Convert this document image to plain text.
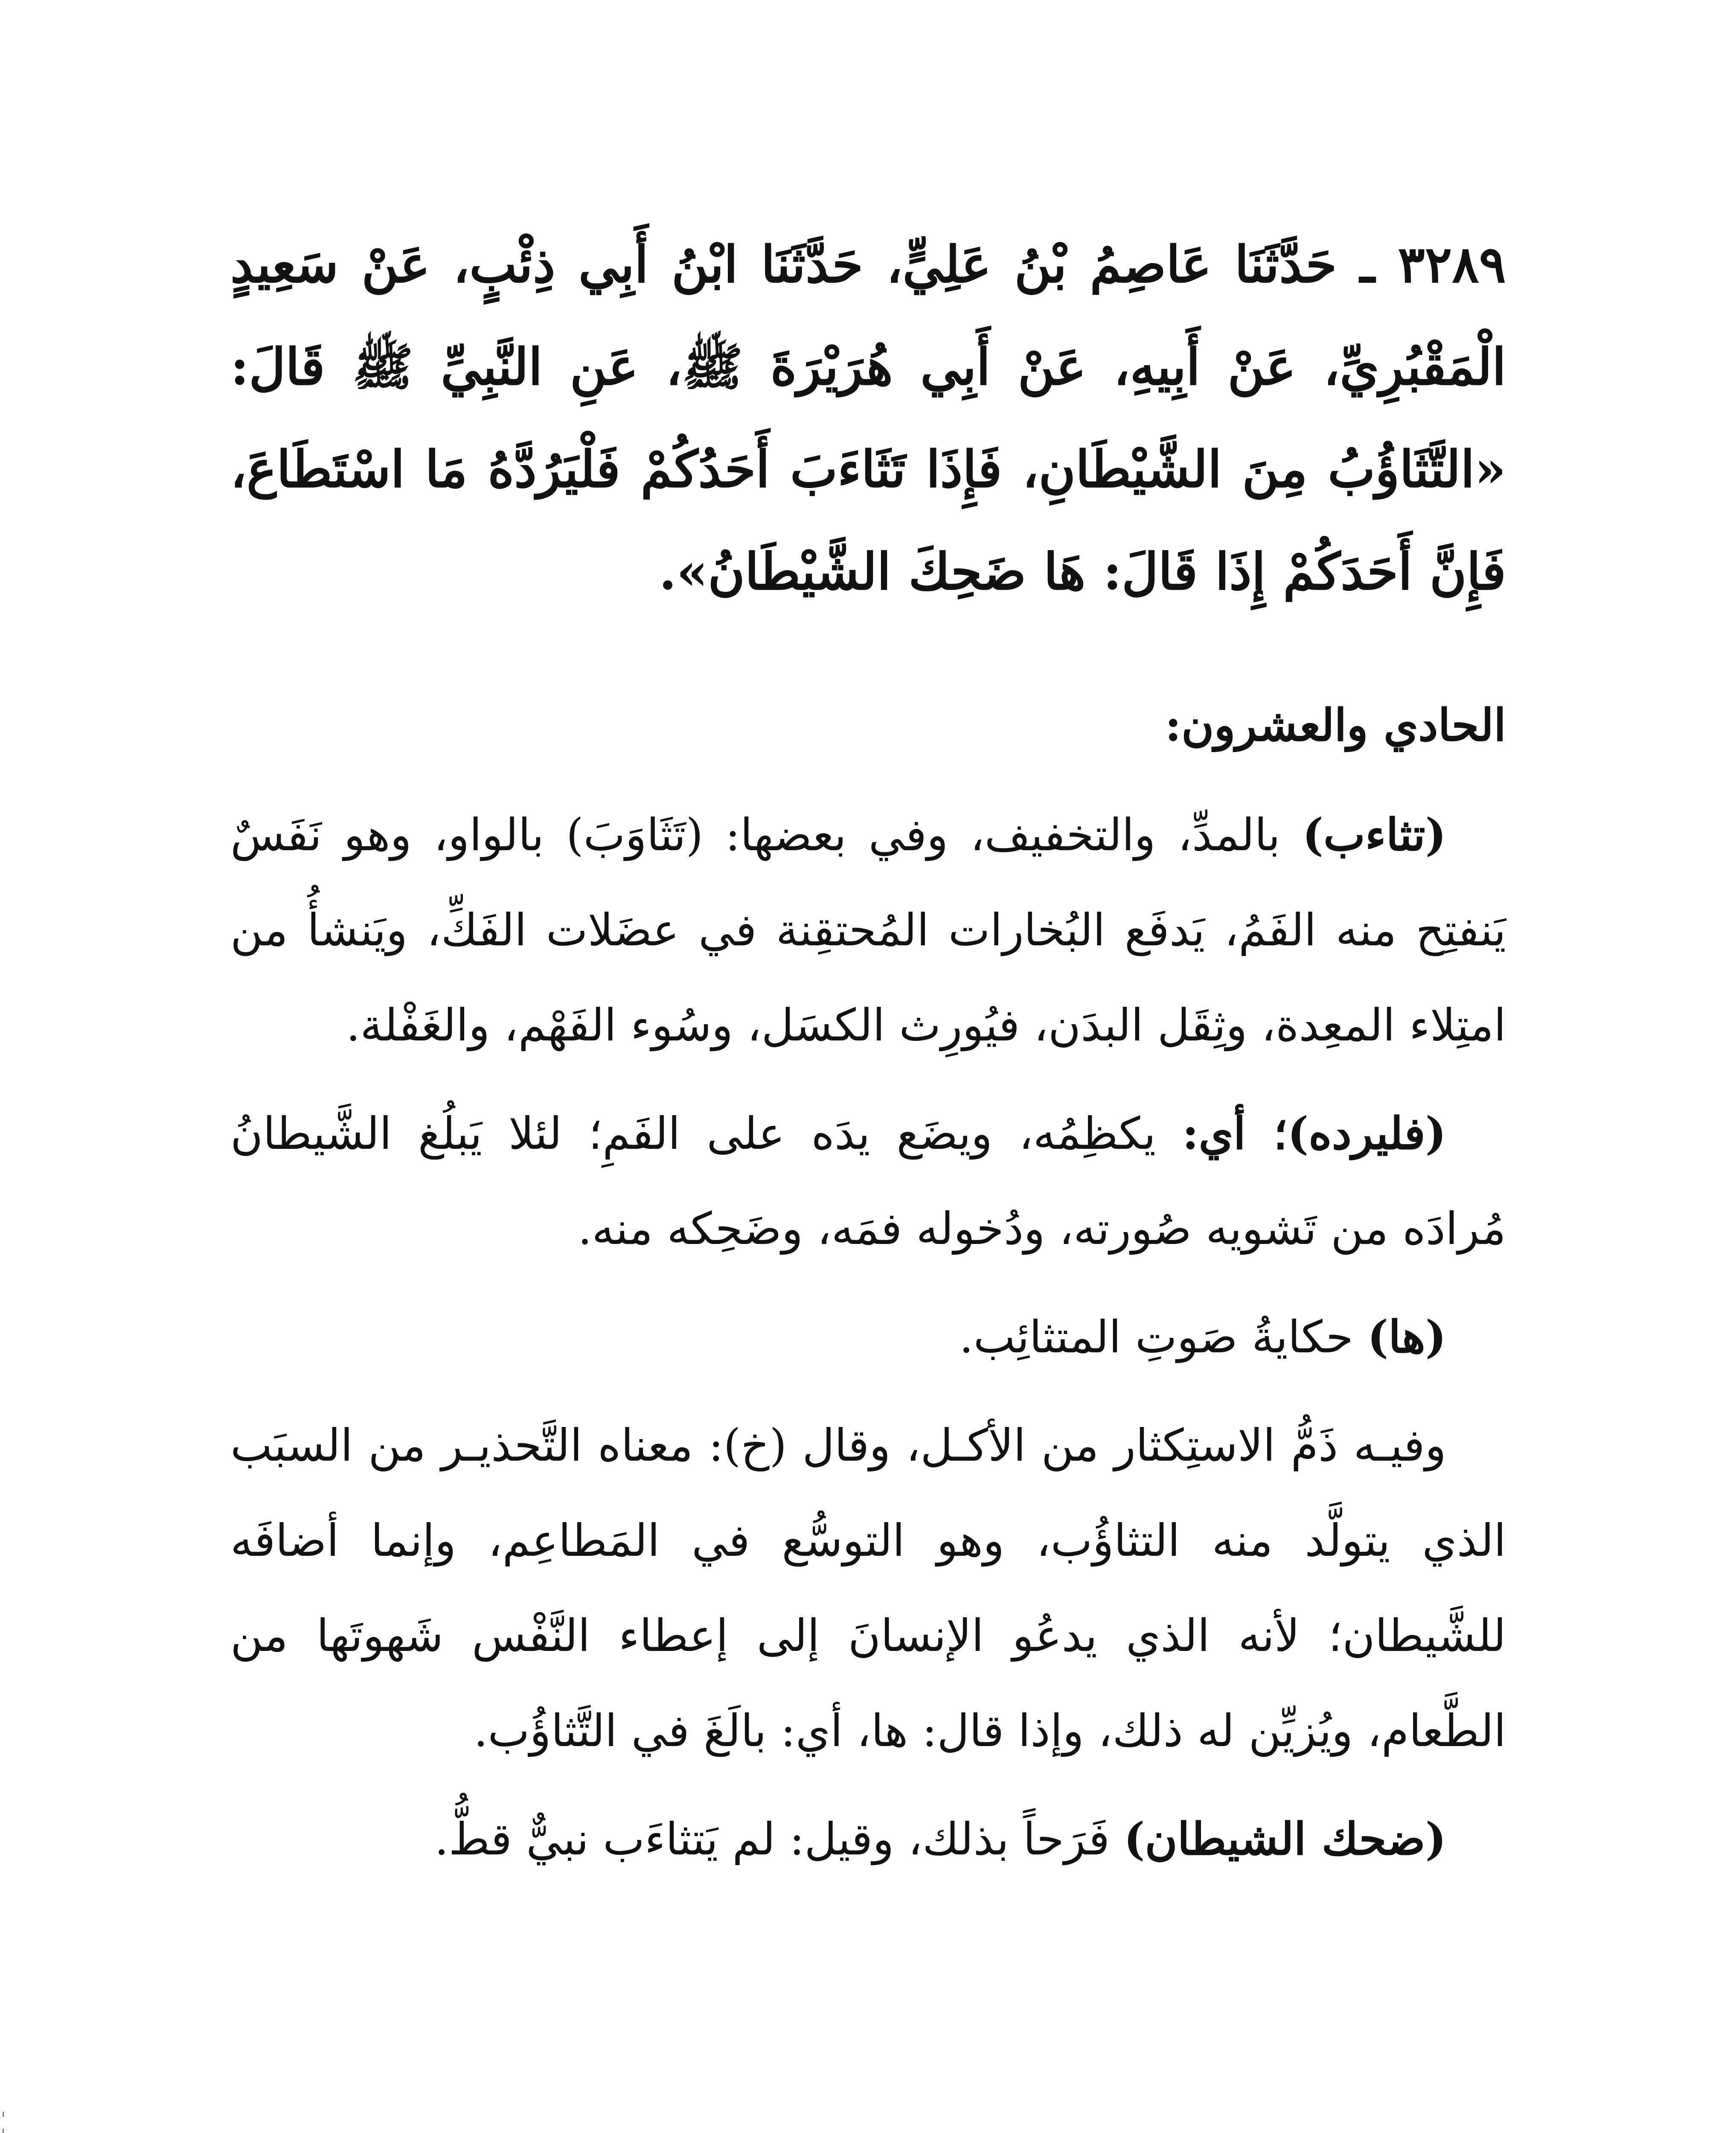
٣٢٨٩ ـ حَدَّثَنَا عَاصِمُ بْنُ عَلِيٍّ، حَدَّثَنَا ابْنُ أَبِي ذِئْبٍ، عَنْ سَعِيدٍ الْمَقْبُرِيِّ، عَنْ أَبِيهِ، عَنْ أَبِي هُرَيْرَةَ ﷺ، عَنِ النَّبِيِّ ﷺ قَالَ: «التَّثَاؤُبُ مِنَ الشَّيْطَانِ، فَإِذَا تَثَاءَبَ أَحَدُكُمْ فَلْيَرُدَّهُ مَا اسْتَطَاعَ، فَإِنَّ أَحَدَكُمْ إِذَا قَالَ: هَا ضَحِكَ الشَّيْطَانُ».
الحادي والعشرون:

(تثاءب) بالمدِّ، والتخفيف، وفي بعضها: (تَثَاوَبَ) بالواو، وهو نَفَسٌ يَنفتِح منه الفَمُ، يَدفَع البُخارات المُحتقِنة في عضَلات الفَكِّ، ويَنشأُ من امتِلاء المعِدة، وثِقَل البدَن، فيُورِث الكسَل، وسُوء الفَهْم، والغَفْلة.

(فليرده)؛ أي: يكظِمُه، ويضَع يدَه على الفَمِ؛ لئلا يَبلُغ الشَّيطانُ مُرادَه من تَشويه صُورته، ودُخوله فمَه، وضَحِكه منه.

(ها) حكايةُ صَوتِ المتثائِب.

وفيـه ذَمُّ الاستِكثار من الأكـل، وقال (خ): معناه التَّحذيـر من السبَب الذي يتولَّد منه التثاؤُب، وهو التوسُّع في المَطاعِم، وإنما أضافَه للشَّيطان؛ لأنه الذي يدعُو الإنسانَ إلى إعطاء النَّفْس شَهوتَها من الطَّعام، ويُزيِّن له ذلك، وإذا قال: ها، أي: بالَغَ في التَّثاؤُب.

(ضحك الشيطان) فَرَحاً بذلك، وقيل: لم يَتثاءَب نبيٌّ قطُّ.
